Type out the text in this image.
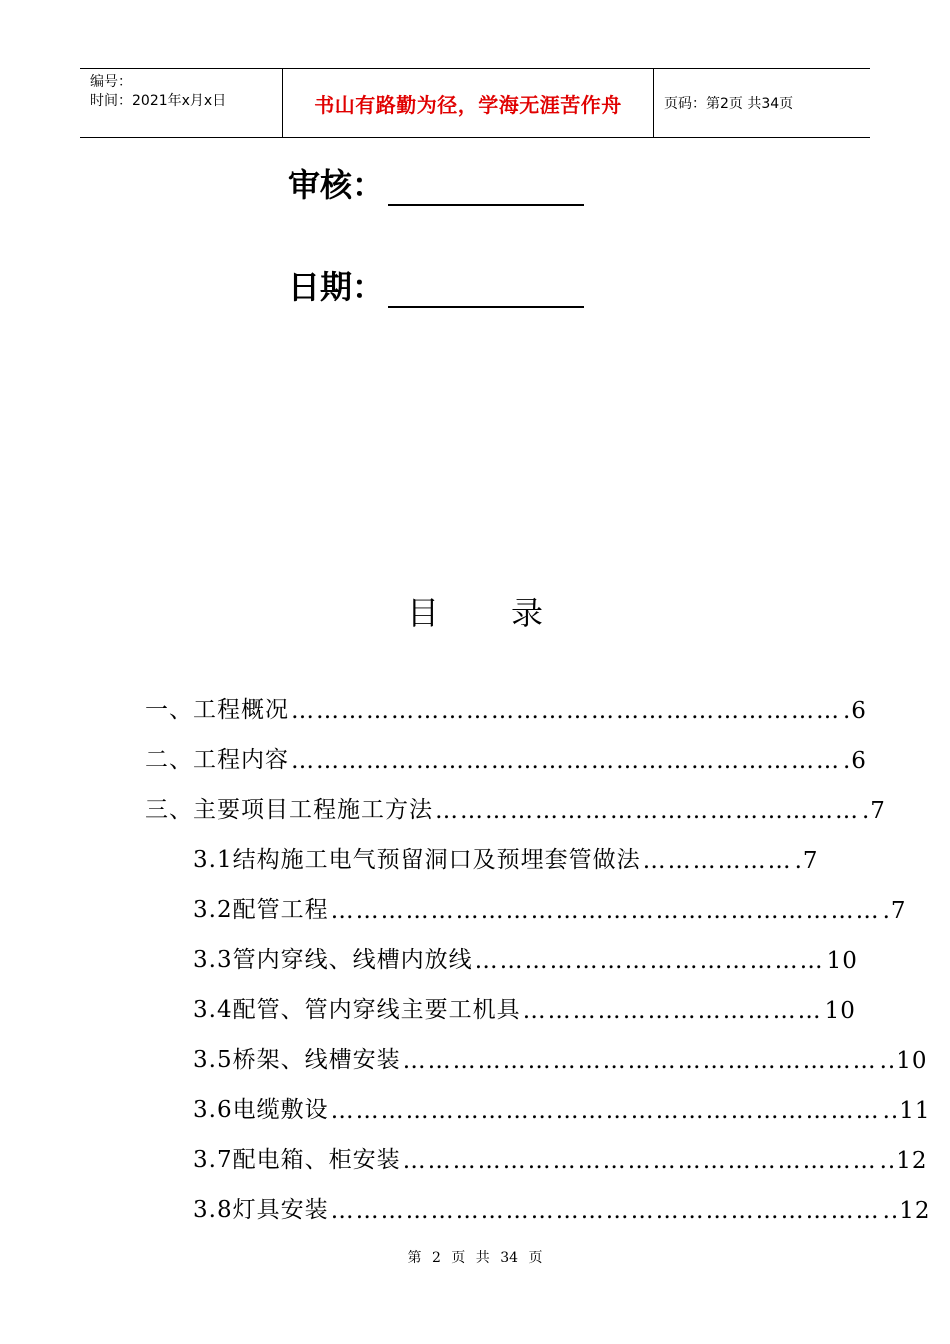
编号：
时间：2021年x月x日	书山有路勤为径，学海无涯苦作舟	页码：第2页 共34页
审核：
日期：
目录
一、 工程概况 ………………………………………………………… .6
二、 工程内容 ………………………………………………………… .6
三、 主要项目工程施工方法 …………………………………………… .7
3.1结构施工电气预留洞口及预埋套管做法 ……………… .7
3.2配管工程 ………………………………………………………… .7
3.3管内穿线、线槽内放线 …………………………………… 10
3.4配管、管内穿线主要工机具 ……………………………… 10
3.5桥架、线槽安装 ………………………………………………… ..10
3.6电缆敷设 ………………………………………………………… ..11
3.7配电箱、柜安装 ………………………………………………… ..12
3.8灯具安装 ………………………………………………………… ..12
第 2 页 共 34 页
